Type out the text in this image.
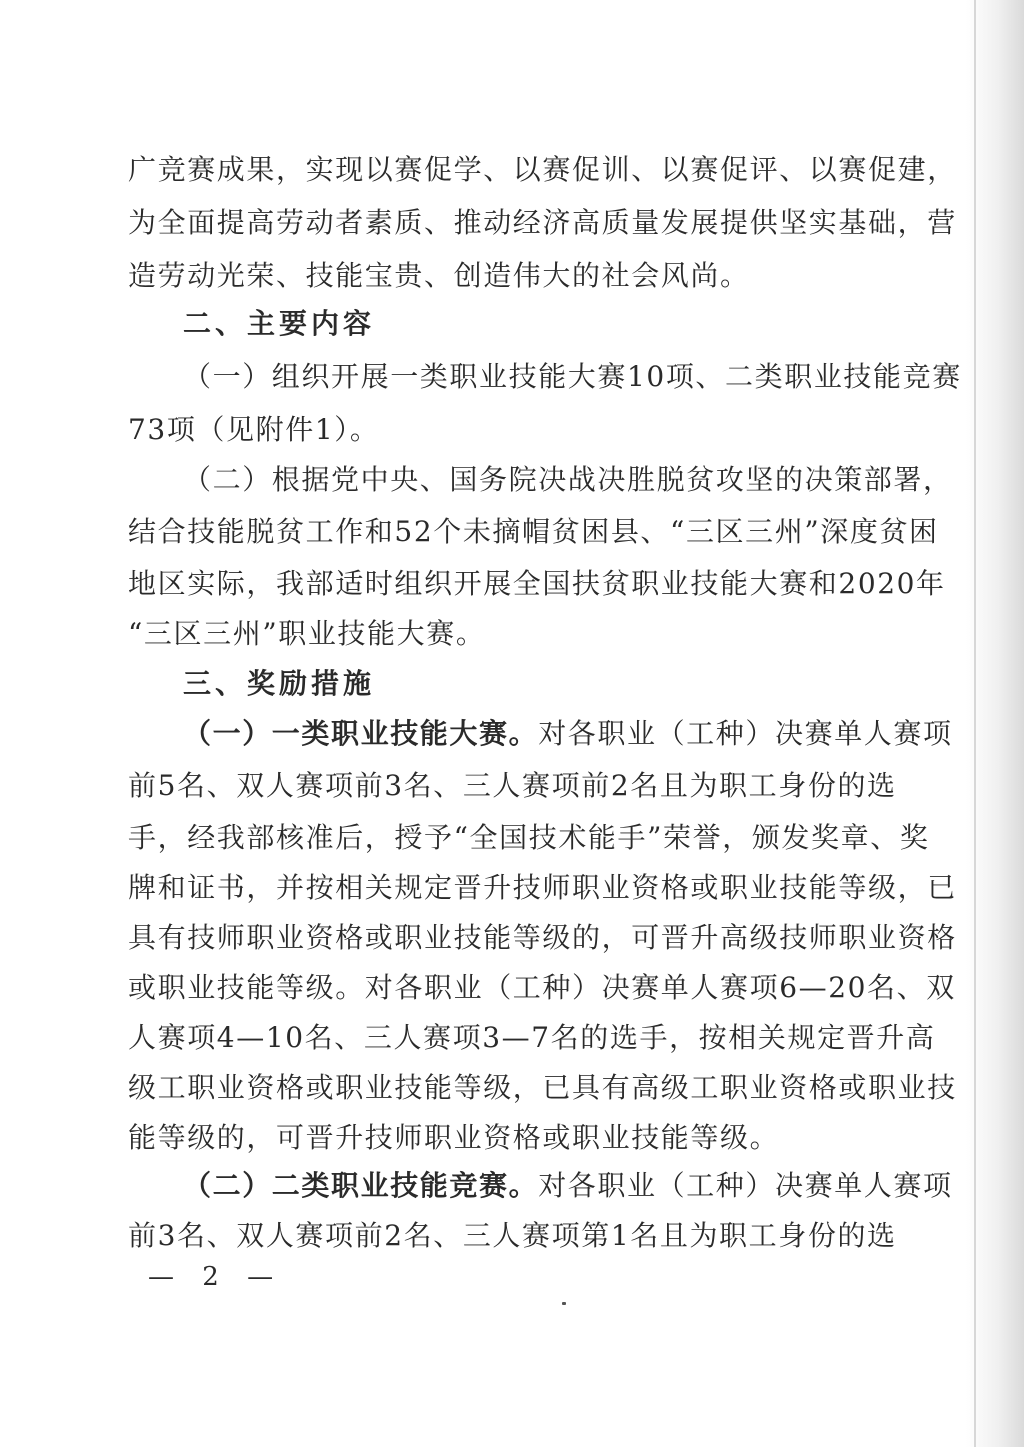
广竞赛成果，实现以赛促学、以赛促训、以赛促评、以赛促建，
为全面提高劳动者素质、推动经济高质量发展提供坚实基础，营
造劳动光荣、技能宝贵、创造伟大的社会风尚。
二、主要内容
（一）组织开展一类职业技能大赛10项、二类职业技能竞赛
73项（见附件1）。
（二）根据党中央、国务院决战决胜脱贫攻坚的决策部署，
结合技能脱贫工作和52个未摘帽贫困县、“三区三州”深度贫困
地区实际，我部适时组织开展全国扶贫职业技能大赛和2020年
“三区三州”职业技能大赛。
三、奖励措施
（一）一类职业技能大赛。对各职业（工种）决赛单人赛项
前5名、双人赛项前3名、三人赛项前2名且为职工身份的选
手，经我部核准后，授予“全国技术能手”荣誉，颁发奖章、奖
牌和证书，并按相关规定晋升技师职业资格或职业技能等级，已
具有技师职业资格或职业技能等级的，可晋升高级技师职业资格
或职业技能等级。对各职业（工种）决赛单人赛项6—20名、双
人赛项4—10名、三人赛项3—7名的选手，按相关规定晋升高
级工职业资格或职业技能等级，已具有高级工职业资格或职业技
能等级的，可晋升技师职业资格或职业技能等级。
（二）二类职业技能竞赛。对各职业（工种）决赛单人赛项
前3名、双人赛项前2名、三人赛项第1名且为职工身份的选
— 2 —
